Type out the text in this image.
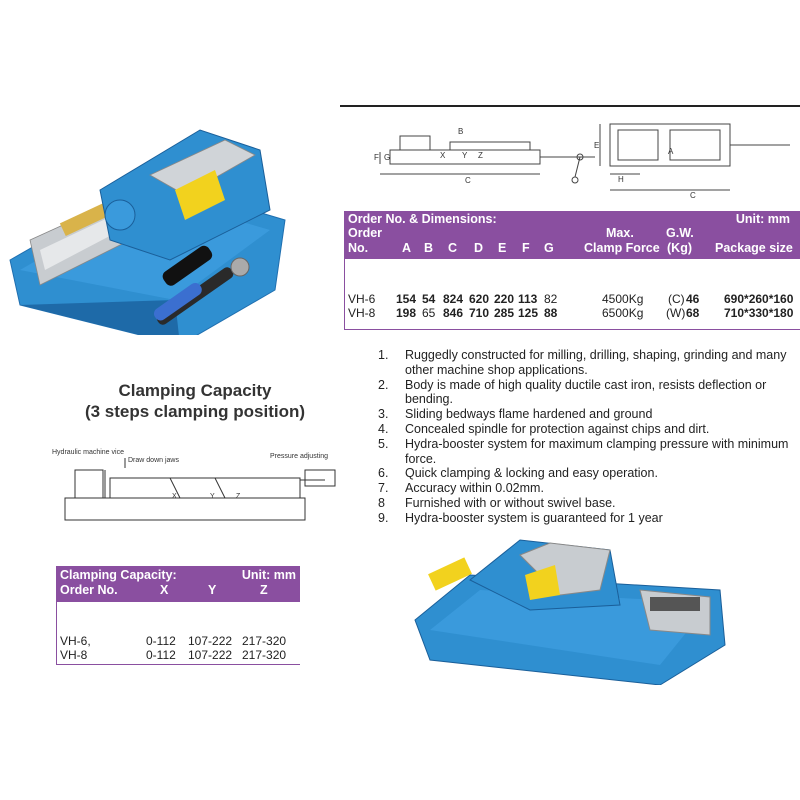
F G
B
C
Y Z
X
E
A
H
C
Order No. & Dimensions:	Unit: mm
Order
No.	A B C D E F G
Max.
Clamp Force
G.W.
(Kg) Package size
VH-6 154 54 824 620 220 113 82	4500Kg (C) 46 690*260*160
VH-8 198 65 846 710 285 125 88	6500Kg (W) 68 710*330*180
1. Ruggedly constructed for milling, drilling, shaping, grinding and many other machine shop applications.
2. Body is made of high quality ductile cast iron, resists deflection or bending.
3. Sliding bedways flame hardened and ground
4. Concealed spindle for protection against chips and dirt.
5. Hydra-booster system for maximum clamping pressure with minimum force.
6. Quick clamping & locking and easy operation.
7. Accuracy within 0.02mm.
8 Furnished with or without swivel base.
9. Hydra-booster system is guaranteed for 1 year
Clamping Capacity
(3 steps clamping position)
Hydraulic machine vice
Draw down jaws
Pressure adjusting
X	Y	Z
Clamping Capacity:	Unit: mm
Order No.	X	Y	Z
VH-6,	0-112 107-222 217-320
VH-8	0-112 107-222 217-320
